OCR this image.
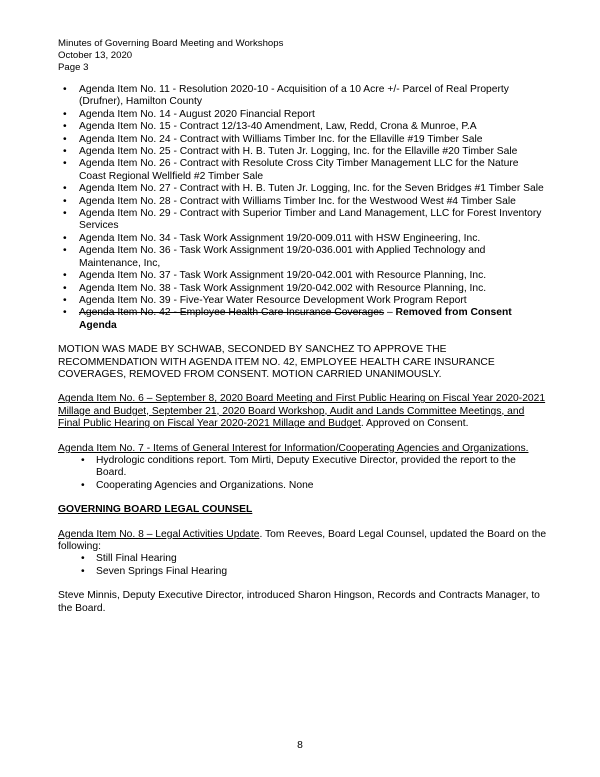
Minutes of Governing Board Meeting and Workshops
October 13, 2020
Page 3
• Agenda Item No. 11 - Resolution 2020-10 - Acquisition of a 10 Acre +/- Parcel of Real Property (Drufner), Hamilton County
• Agenda Item No. 14 - August 2020 Financial Report
• Agenda Item No. 15 - Contract 12/13-40 Amendment, Law, Redd, Crona & Munroe, P.A
• Agenda Item No. 24 - Contract with Williams Timber Inc. for the Ellaville #19 Timber Sale
• Agenda Item No. 25 - Contract with H. B. Tuten Jr. Logging, Inc. for the Ellaville #20 Timber Sale
• Agenda Item No. 26 - Contract with Resolute Cross City Timber Management LLC for the Nature Coast Regional Wellfield #2 Timber Sale
• Agenda Item No. 27 - Contract with H. B. Tuten Jr. Logging, Inc. for the Seven Bridges #1 Timber Sale
• Agenda Item No. 28 - Contract with Williams Timber Inc. for the Westwood West #4 Timber Sale
• Agenda Item No. 29 - Contract with Superior Timber and Land Management, LLC for Forest Inventory Services
• Agenda Item No. 34 - Task Work Assignment 19/20-009.011 with HSW Engineering, Inc.
• Agenda Item No. 36 - Task Work Assignment 19/20-036.001 with Applied Technology and Maintenance, Inc,
• Agenda Item No. 37 - Task Work Assignment 19/20-042.001 with Resource Planning, Inc.
• Agenda Item No. 38 - Task Work Assignment 19/20-042.002 with Resource Planning, Inc.
• Agenda Item No. 39 - Five-Year Water Resource Development Work Program Report
• Agenda Item No. 42 - Employee Health Care Insurance Coverages – Removed from Consent Agenda

MOTION WAS MADE BY SCHWAB, SECONDED BY SANCHEZ TO APPROVE THE RECOMMENDATION WITH AGENDA ITEM NO. 42, EMPLOYEE HEALTH CARE INSURANCE COVERAGES, REMOVED FROM CONSENT. MOTION CARRIED UNANIMOUSLY.

Agenda Item No. 6 – September 8, 2020 Board Meeting and First Public Hearing on Fiscal Year 2020-2021 Millage and Budget, September 21, 2020 Board Workshop, Audit and Lands Committee Meetings, and Final Public Hearing on Fiscal Year 2020-2021 Millage and Budget. Approved on Consent.

Agenda Item No. 7 - Items of General Interest for Information/Cooperating Agencies and Organizations.

• Hydrologic conditions report. Tom Mirti, Deputy Executive Director, provided the report to the Board.
• Cooperating Agencies and Organizations. None

GOVERNING BOARD LEGAL COUNSEL

Agenda Item No. 8 – Legal Activities Update. Tom Reeves, Board Legal Counsel, updated the Board on the following:

• Still Final Hearing
• Seven Springs Final Hearing

Steve Minnis, Deputy Executive Director, introduced Sharon Hingson, Records and Contracts Manager, to the Board.

8
